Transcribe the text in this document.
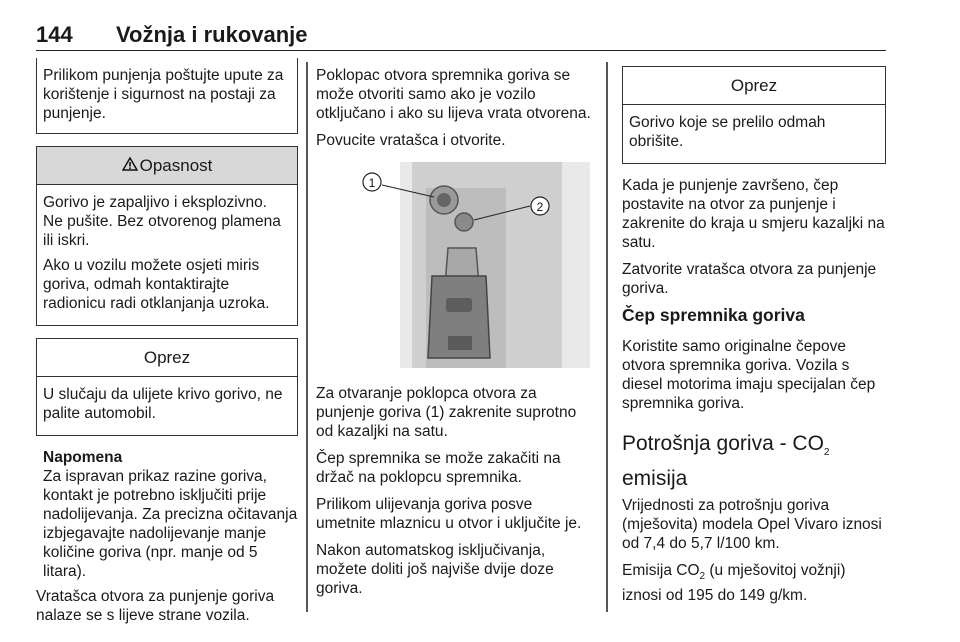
144 Vožnja i rukovanje
Prilikom punjenja poštujte upute za korištenje i sigurnost na postaji za punjenje.
Opasnost

Gorivo je zapaljivo i eksplozivno. Ne pušite. Bez otvorenog plamena ili iskri.

Ako u vozilu možete osjeti miris goriva, odmah kontaktirajte radionicu radi otklanjanja uzroka.

Oprez

U slučaju da ulijete krivo gorivo, ne palite automobil.

Napomena
Za ispravan prikaz razine goriva, kontakt je potrebno isključiti prije nadolijevanja. Za precizna očitavanja izbjegavajte nadolijevanje manje količine goriva (npr. manje od 5 litara).

Vratašca otvora za punjenje goriva nalaze se s lijeve strane vozila.

Poklopac otvora spremnika goriva se može otvoriti samo ako je vozilo otključano i ako su lijeva vrata otvorena.

Povucite vratašca i otvorite.

1
2

Za otvaranje poklopca otvora za punjenje goriva (1) zakrenite suprotno od kazaljki na satu.

Čep spremnika se može zakačiti na držač na poklopcu spremnika.

Prilikom ulijevanja goriva posve umetnite mlaznicu u otvor i uključite je.

Nakon automatskog isključivanja, možete doliti još najviše dvije doze goriva.

Oprez

Gorivo koje se prelilo odmah obrišite.

Kada je punjenje završeno, čep postavite na otvor za punjenje i zakrenite do kraja u smjeru kazaljki na satu.

Zatvorite vratašca otvora za punjenje goriva.

Čep spremnika goriva

Koristite samo originalne čepove otvora spremnika goriva. Vozila s diesel motorima imaju specijalan čep spremnika goriva.

Potrošnja goriva - $CO_2$
emisija

Vrijednosti za potrošnju goriva (mješovita) modela Opel Vivaro iznosi od 7,4 do 5,7 l/100 km.

Emisija $CO_2$ (u mješovitoj vožnji) iznosi od 195 do 149 g/km.
